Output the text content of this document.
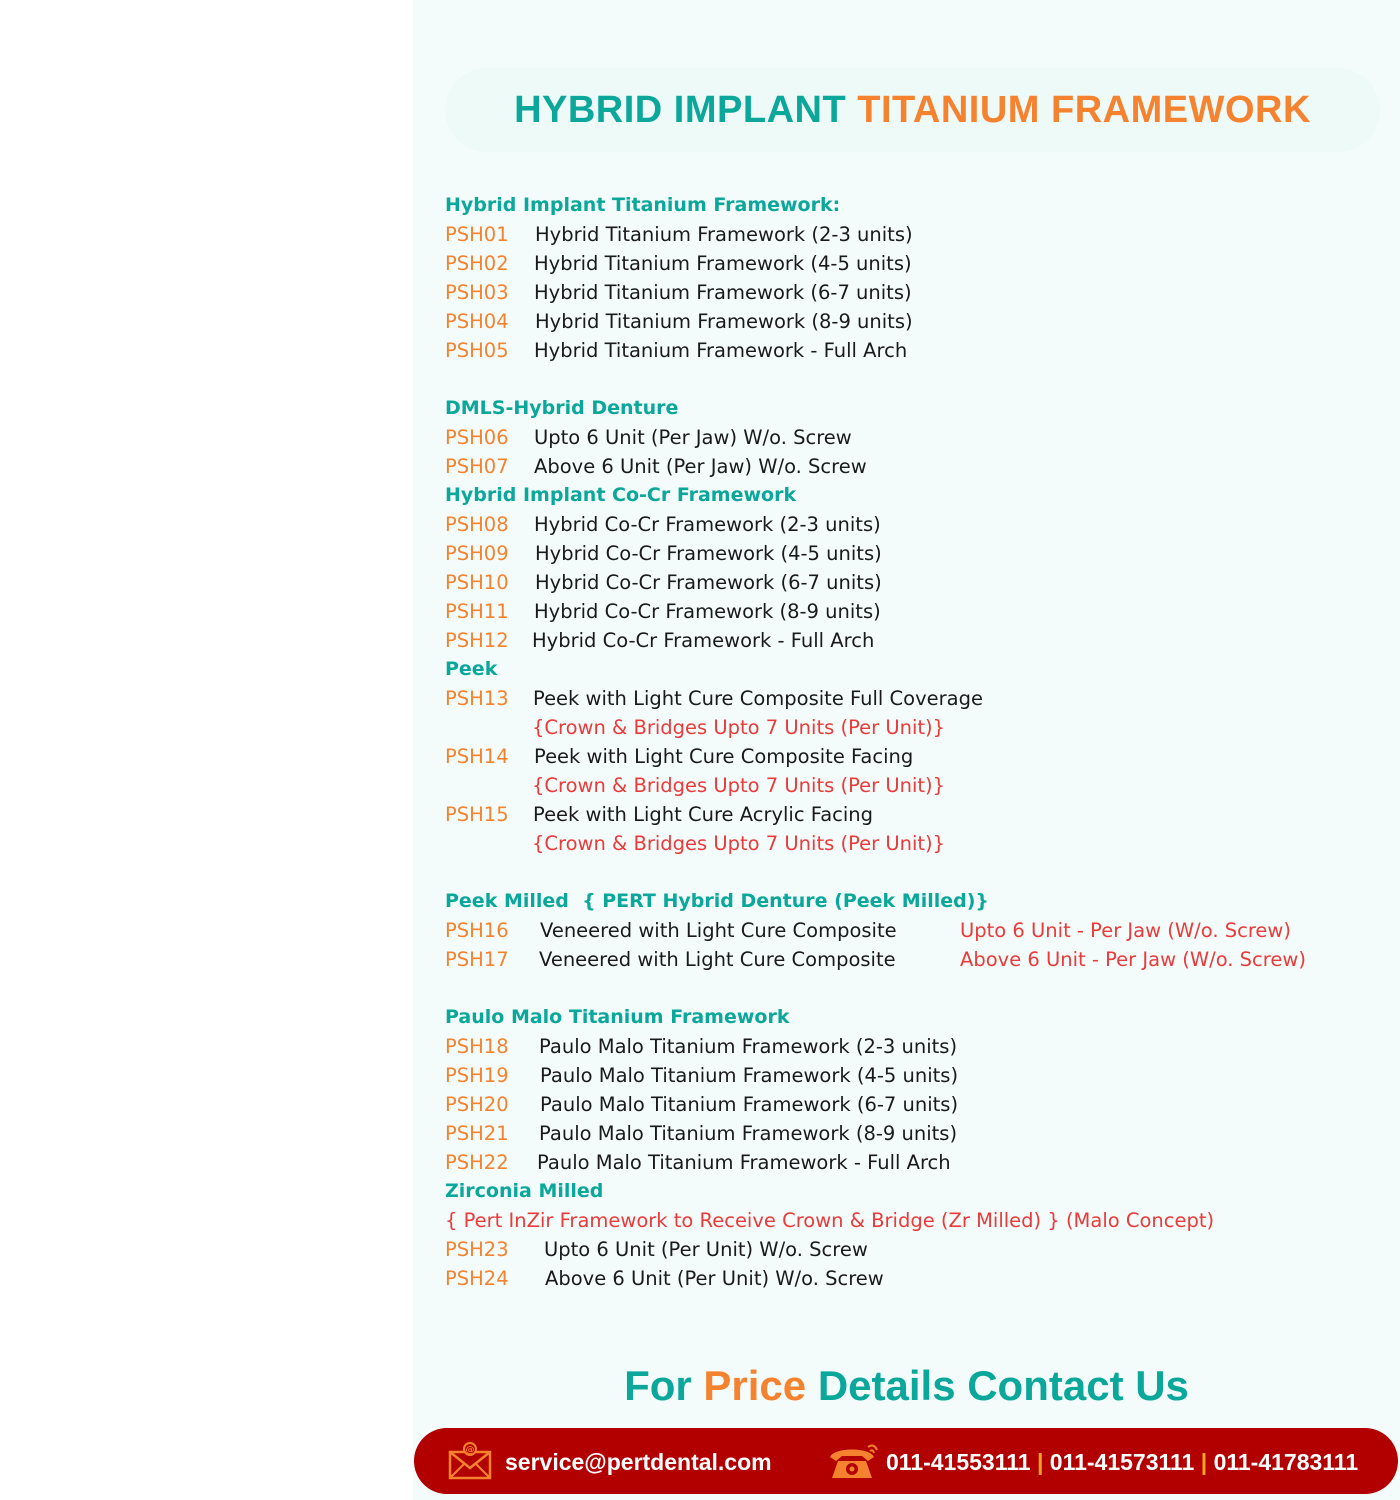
HYBRID IMPLANT TITANIUM FRAMEWORK
Hybrid Implant Titanium Framework:
PSH01 Hybrid Titanium Framework (2-3 units)
PSH02 Hybrid Titanium Framework (4-5 units)
PSH03 Hybrid Titanium Framework (6-7 units)
PSH04 Hybrid Titanium Framework (8-9 units)
PSH05 Hybrid Titanium Framework - Full Arch
DMLS-Hybrid Denture
PSH06 Upto 6 Unit (Per Jaw) W/o. Screw
PSH07 Above 6 Unit (Per Jaw) W/o. Screw
Hybrid Implant Co-Cr Framework
PSH08 Hybrid Co-Cr Framework (2-3 units)
PSH09 Hybrid Co-Cr Framework (4-5 units)
PSH10 Hybrid Co-Cr Framework (6-7 units)
PSH11 Hybrid Co-Cr Framework (8-9 units)
PSH12 Hybrid Co-Cr Framework - Full Arch
Peek
PSH13 Peek with Light Cure Composite Full Coverage
{Crown & Bridges Upto 7 Units (Per Unit)}
PSH14 Peek with Light Cure Composite Facing
{Crown & Bridges Upto 7 Units (Per Unit)}
PSH15 Peek with Light Cure Acrylic Facing
{Crown & Bridges Upto 7 Units (Per Unit)}
Peek Milled  { PERT Hybrid Denture (Peek Milled)}
PSH16 Veneered with Light Cure Composite	Upto 6 Unit - Per Jaw (W/o. Screw)
PSH17 Veneered with Light Cure Composite	Above 6 Unit - Per Jaw (W/o. Screw)
Paulo Malo Titanium Framework
PSH18 Paulo Malo Titanium Framework (2-3 units)
PSH19 Paulo Malo Titanium Framework (4-5 units)
PSH20 Paulo Malo Titanium Framework (6-7 units)
PSH21 Paulo Malo Titanium Framework (8-9 units)
PSH22 Paulo Malo Titanium Framework - Full Arch
Zirconia Milled
{ Pert InZir Framework to Receive Crown & Bridge (Zr Milled) } (Malo Concept)
PSH23 Upto 6 Unit (Per Unit) W/o. Screw
PSH24 Above 6 Unit (Per Unit) W/o. Screw
For Price Details Contact Us
@ service@pertdental.com	011-41553111 | 011-41573111 | 011-41783111
